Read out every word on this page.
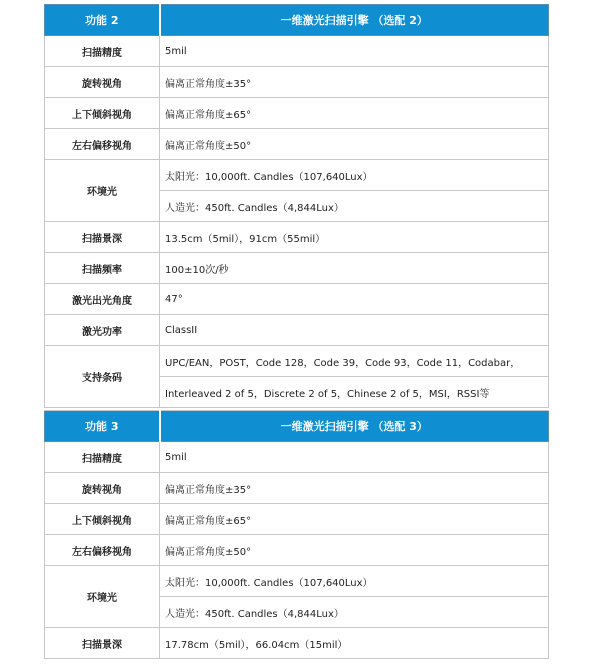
功能 2	一维激光扫描引擎 （选配 2）
扫描精度	5mil
旋转视角	偏离正常角度±35°
上下倾斜视角	偏离正常角度±65°
左右偏移视角	偏离正常角度±50°
环境光	太阳光：10,000ft. Candles（107,640Lux）
	人造光：450ft. Candles（4,844Lux）
扫描景深	13.5cm（5mil），91cm（55mil）
扫描频率	100±10次/秒
激光出光角度	47°
激光功率	ClassII
支持条码	UPC/EAN，POST，Code 128，Code 39，Code 93，Code 11，Codabar，
	Interleaved 2 of 5，Discrete 2 of 5，Chinese 2 of 5，MSI，RSSI等

功能 3	一维激光扫描引擎 （选配 3）
扫描精度	5mil
旋转视角	偏离正常角度±35°
上下倾斜视角	偏离正常角度±65°
左右偏移视角	偏离正常角度±50°
环境光	太阳光：10,000ft. Candles（107,640Lux）
	人造光：450ft. Candles（4,844Lux）
扫描景深	17.78cm（5mil），66.04cm（15mil）
